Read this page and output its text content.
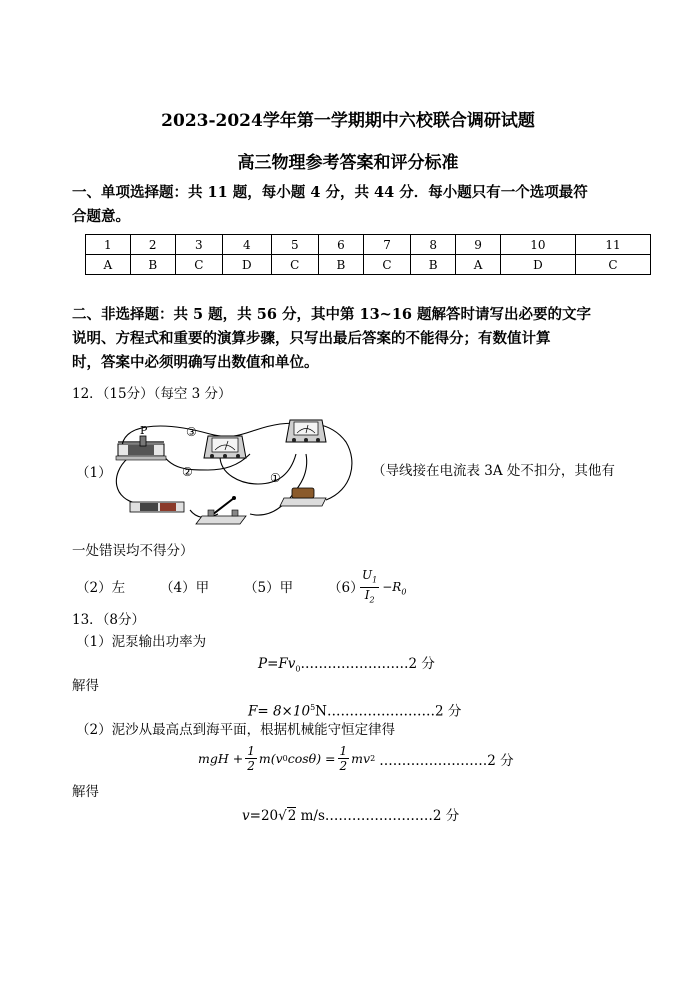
2023-2024学年第一学期期中六校联合调研试题
高三物理参考答案和评分标准
一、单项选择题：共 11 题，每小题 4 分，共 44 分．每小题只有一个选项最符
合题意。
1	2	3	4	5	6	7	8	9	10	11
A	B	C	D	C	B	C	B	A	D	C
二、非选择题：共 5 题，共 56 分，其中第 13~16 题解答时请写出必要的文字
说明、方程式和重要的演算步骤，只写出最后答案的不能得分；有数值计算
时，答案中必须明确写出数值和单位。
12．（15分）（每空 3 分）
（1）
P	③
②	①	（导线接在电流表 3A 处不扣分，其他有
一处错误均不得分）
（2）左	（4）甲	（5）甲	（6）
$\frac{U_1}{I_2} -R_0$
13．（8分）
（1）泥泵输出功率为
$P=Fv_0\dots\dots\dots\dots\dots\dots\dots\dots 2$ 分
解得
$F= 8\times 10^5N\dots\dots\dots\dots\dots\dots\dots\dots 2$ 分
（2）泥沙从最高点到海平面，根据机械能守恒定律得
mgH + $\frac{1}{2} m(v$ 0 $\cos\theta) = \frac{1}{2}$ mv 2 ……………………2 分
解得
v=20√2 m/s……………………2 分
